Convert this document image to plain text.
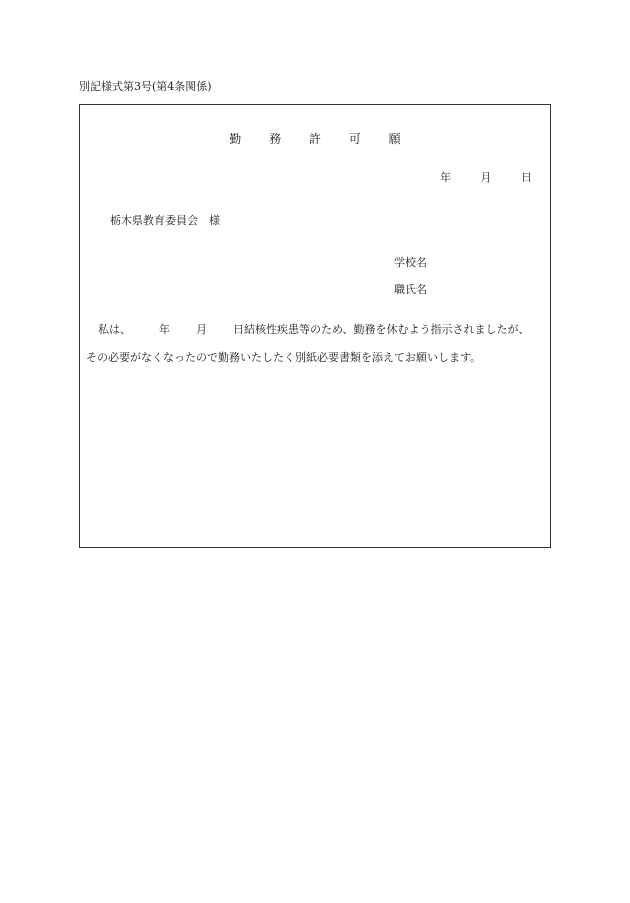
別記様式第3号(第4条関係)
勤 務 許 可 願
年	月	日
栃木県教育委員会　様
学校名
職氏名
私は、	年 月 日結核性疾患等のため、勤務を休むよう指示されましたが、
その必要がなくなったので勤務いたしたく別紙必要書類を添えてお願いします。
